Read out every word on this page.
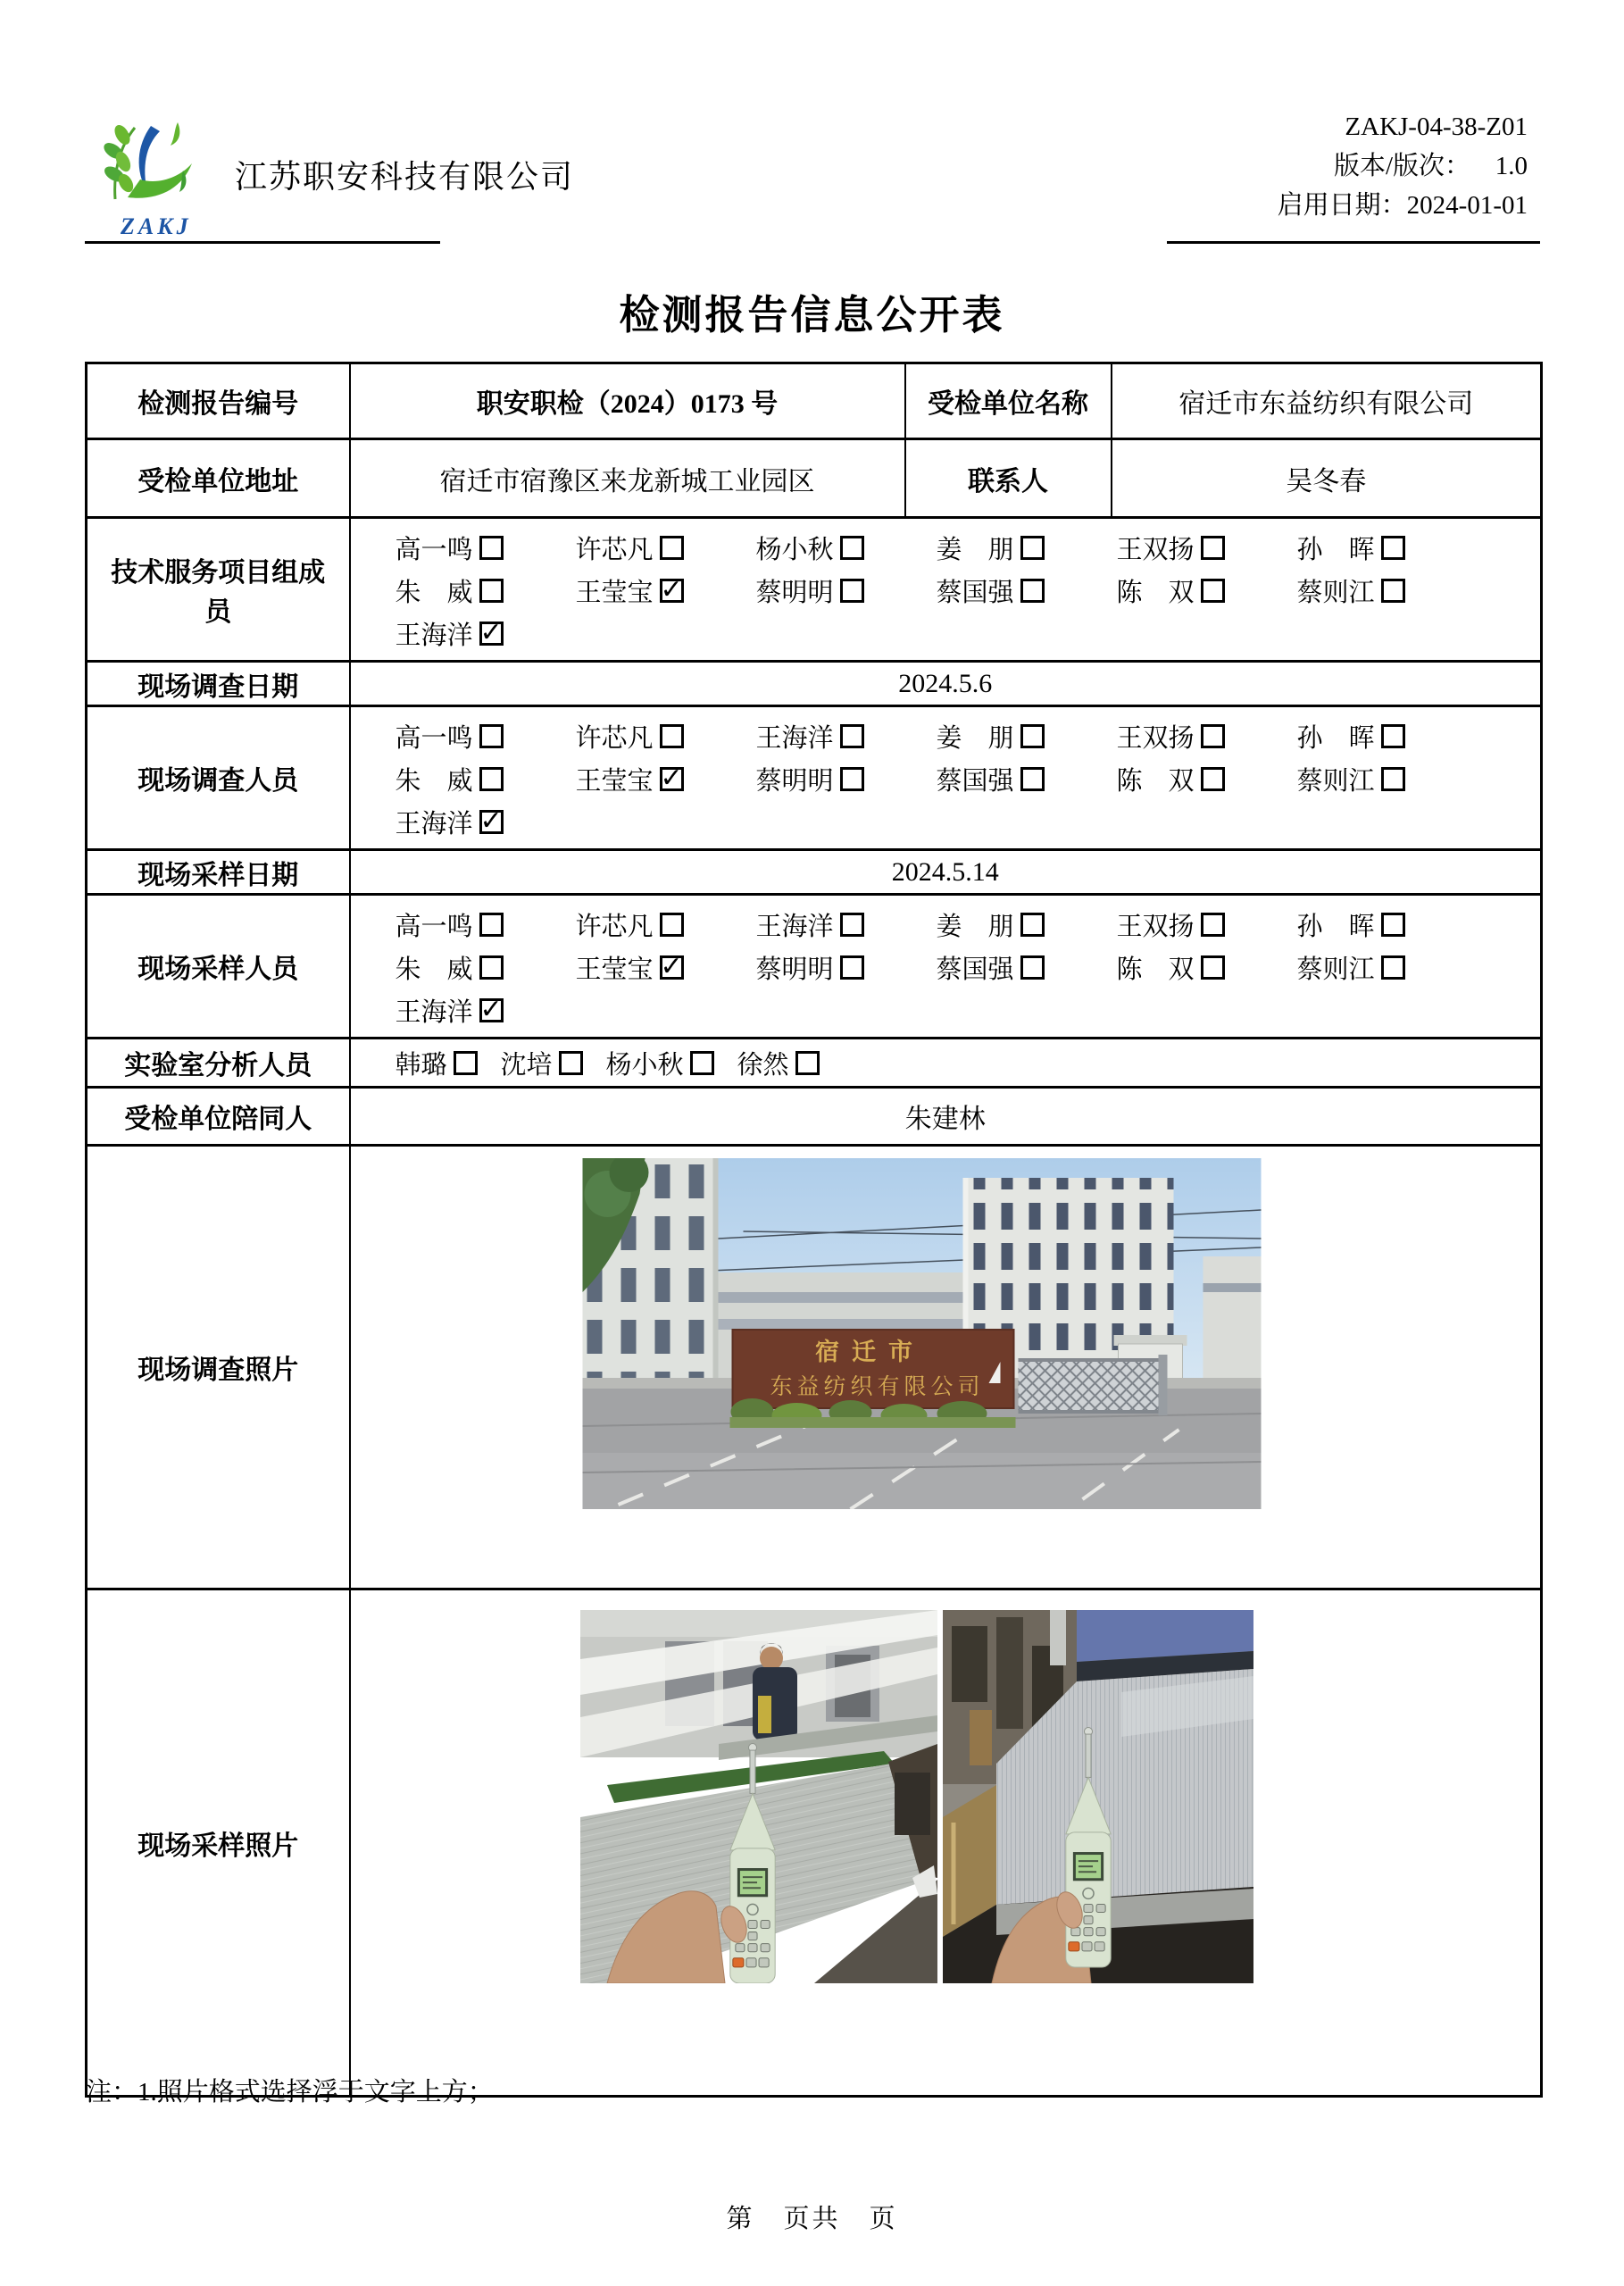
ZAKJ
江苏职安科技有限公司
ZAKJ-04-38-Z01
版本/版次： 1.0
启用日期：2024-01-01
检测报告信息公开表
检测报告编号	职安职检（2024）0173 号	受检单位名称	宿迁市东益纺织有限公司
受检单位地址	宿迁市宿豫区来龙新城工业园区	联系人	吴冬春
技术服务项目组成员	
高一鸣	许芯凡	杨小秋	姜　朋	王双扬	孙　晖
朱　威	王莹宝 ✓	蔡明明	蔡国强	陈　双	蔡则江
王海洋 ✓

现场调查日期	2024.5.6		
现场调查人员	
高一鸣	许芯凡	王海洋	姜　朋	王双扬	孙　晖
朱　威	王莹宝 ✓	蔡明明	蔡国强	陈　双	蔡则江
王海洋 ✓

现场采样日期	2024.5.14		
现场采样人员	
高一鸣	许芯凡	王海洋	姜　朋	王双扬	孙　晖
朱　威	王莹宝 ✓	蔡明明	蔡国强	陈　双	蔡则江
王海洋 ✓

实验室分析人员	韩璐 沈培 杨小秋 徐然		

受检单位陪同人	朱建林		
现场调查照片	宿迁市
东益纺织有限公司		

现场采样照片	
注：1.照片格式选择浮于文字上方；
第　页共　页
